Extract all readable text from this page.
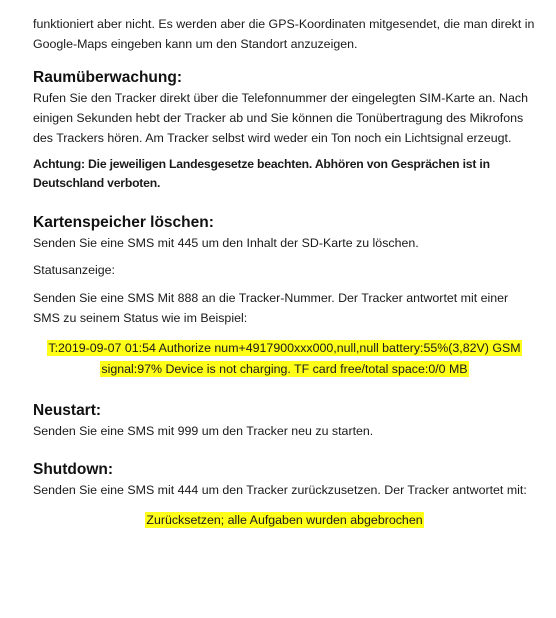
funktioniert aber nicht. Es werden aber die GPS-Koordinaten mitgesendet, die man direkt in Google-Maps eingeben kann um den Standort anzuzeigen.

Raumüberwachung:

Rufen Sie den Tracker direkt über die Telefonnummer der eingelegten SIM-Karte an. Nach einigen Sekunden hebt der Tracker ab und Sie können die Tonübertragung des Mikrofons des Trackers hören. Am Tracker selbst wird weder ein Ton noch ein Lichtsignal erzeugt.

Achtung: Die jeweiligen Landesgesetze beachten. Abhören von Gesprächen ist in Deutschland verboten.

Kartenspeicher löschen:

Senden Sie eine SMS mit 445 um den Inhalt der SD-Karte zu löschen.

Statusanzeige:

Senden Sie eine SMS Mit 888 an die Tracker-Nummer. Der Tracker antwortet mit einer SMS zu seinem Status wie im Beispiel:

T:2019-09-07 01:54 Authorize num+4917900xxx000,null,null battery:55%(3,82V) GSM
signal:97% Device is not charging. TF card free/total space:0/0 MB
Neustart:

Senden Sie eine SMS mit 999 um den Tracker neu zu starten.

Shutdown:

Senden Sie eine SMS mit 444 um den Tracker zurückzusetzen. Der Tracker antwortet mit:

Zurücksetzen; alle Aufgaben wurden abgebrochen
